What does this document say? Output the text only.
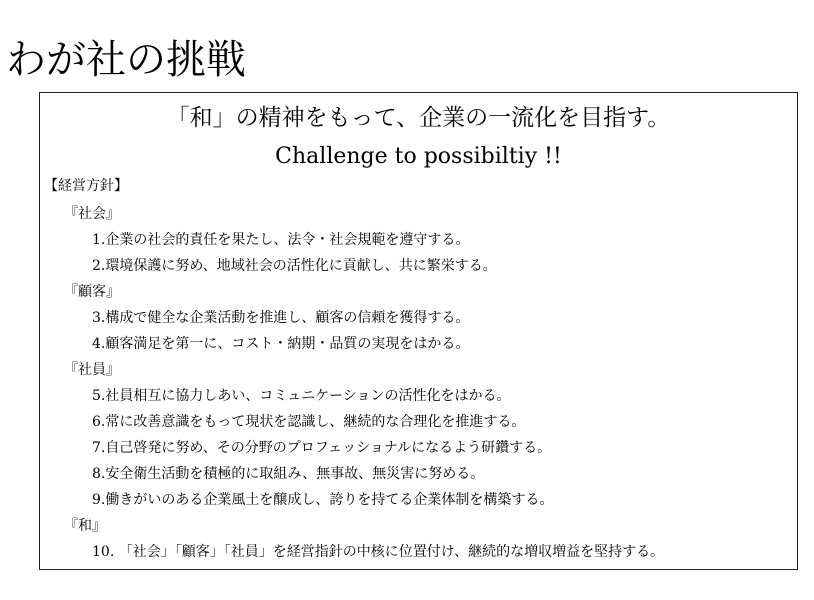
わが社の挑戦
「和」の精神をもって、企業の一流化を目指す。
Challenge to possibiltiy !!
【経営方針】
『社会』
1.企業の社会的責任を果たし、法令・社会規範を遵守する。
2.環境保護に努め、地域社会の活性化に貢献し、共に繁栄する。
『顧客』
3.構成で健全な企業活動を推進し、顧客の信頼を獲得する。
4.顧客満足を第一に、コスト・納期・品質の実現をはかる。
『社員』
5.社員相互に協力しあい、コミュニケーションの活性化をはかる。
6.常に改善意識をもって現状を認識し、継続的な合理化を推進する。
7.自己啓発に努め、その分野のプロフェッショナルになるよう研鑽する。
8.安全衛生活動を積極的に取組み、無事故、無災害に努める。
9.働きがいのある企業風土を醸成し、誇りを持てる企業体制を構築する。
『和』
10. 「社会」「顧客」「社員」を経営指針の中核に位置付け、継続的な増収増益を堅持する。
